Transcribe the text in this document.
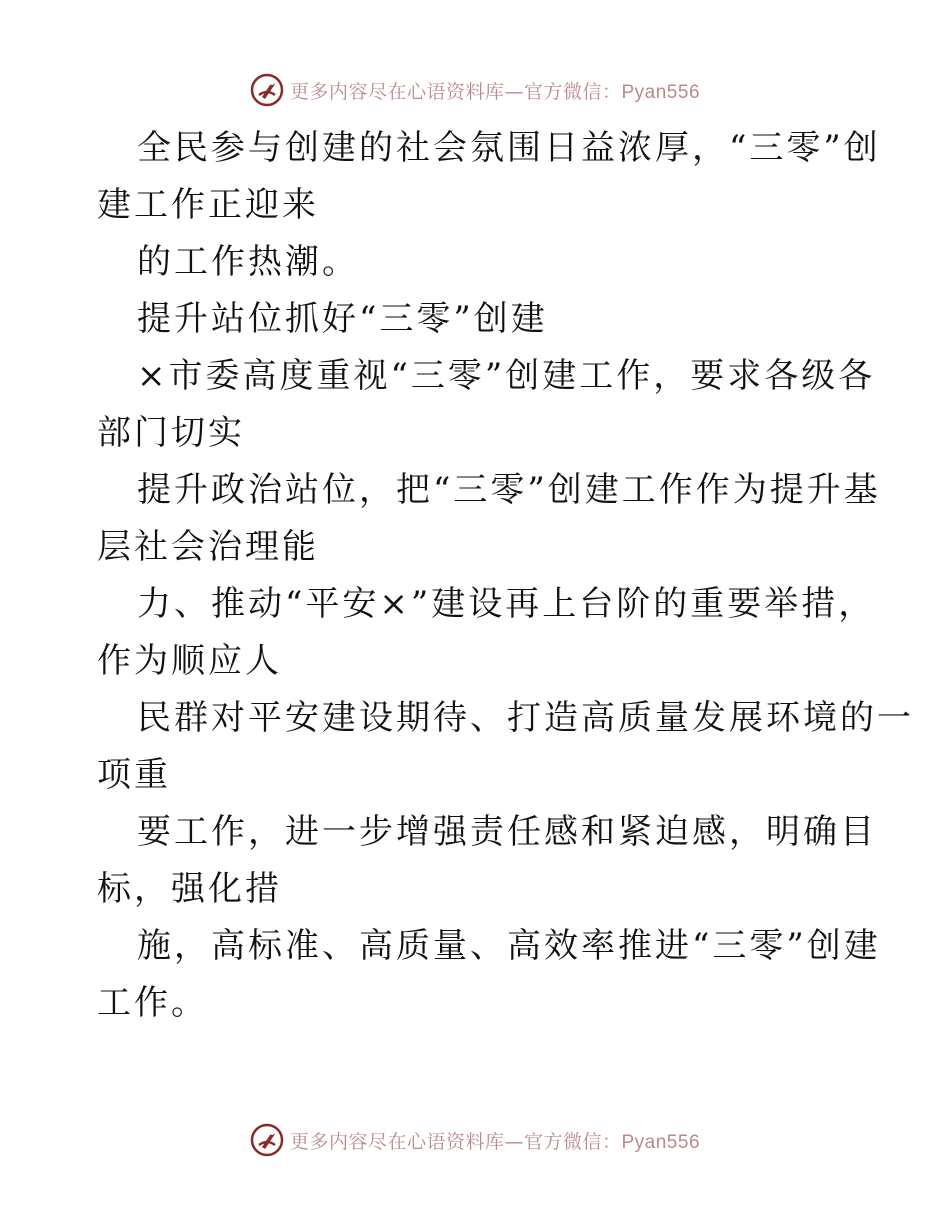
更多内容尽在心语资料库—官方微信：Pyan556
全民参与创建的社会氛围日益浓厚，“三零”创
建工作正迎来
的工作热潮。
提升站位抓好“三零”创建
×市委高度重视“三零”创建工作，要求各级各
部门切实
提升政治站位，把“三零”创建工作作为提升基
层社会治理能
力、推动“平安×”建设再上台阶的重要举措，
作为顺应人
民群对平安建设期待、打造高质量发展环境的一
项重
要工作，进一步增强责任感和紧迫感，明确目
标，强化措
施，高标准、高质量、高效率推进“三零”创建
工作。
更多内容尽在心语资料库—官方微信：Pyan556
